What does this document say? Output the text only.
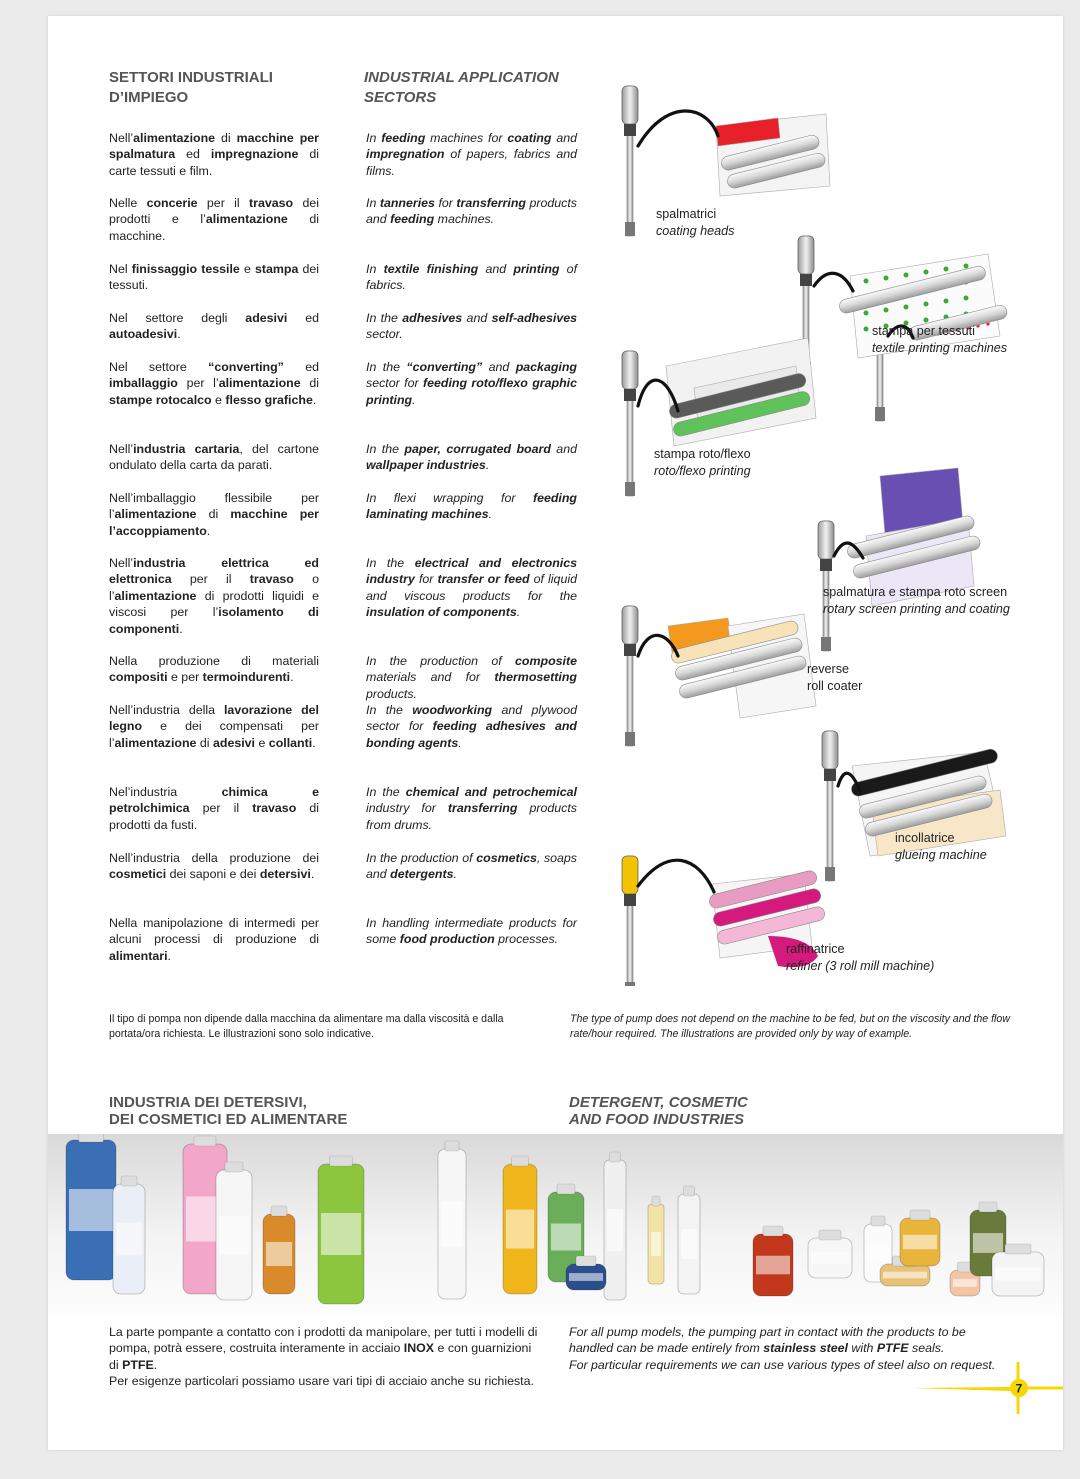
SETTORI INDUSTRIALI
D’IMPIEGO
INDUSTRIAL APPLICATION
SECTORS
Nell’alimentazione di macchine per spalmatura ed impregnazione di carte tessuti e film.
Nelle concerie per il travaso dei prodotti e l’alimentazione di macchine.
Nel finissaggio tessile e stampa dei tessuti.
Nel settore degli adesivi ed autoadesivi.
Nel settore “converting” ed imballaggio per l’alimentazione di stampe rotocalco e flesso grafiche.
Nell’industria cartaria, del cartone ondulato della carta da parati.
Nell’imballaggio flessibile per l’alimentazione di macchine per l’accoppiamento.
Nell’industria elettrica ed elettronica per il travaso o l’alimentazione di prodotti liquidi e viscosi per l’isolamento di componenti.
Nella produzione di materiali compositi e per termoindurenti.
Nell’industria della lavorazione del legno e dei compensati per l’alimentazione di adesivi e collanti.
Nel’industria chimica e petrolchimica per il travaso di prodotti da fusti.
Nell’industria della produzione dei cosmetici dei saponi e dei detersivi.
Nella manipolazione di intermedi per alcuni processi di produzione di alimentari.
In feeding machines for coating and impregnation of papers, fabrics and films.
In tanneries for transferring products and feeding machines.
In textile finishing and printing of fabrics.
In the adhesives and self-adhesives sector.
In the “converting” and packaging sector for feeding roto/flexo graphic printing.
In the paper, corrugated board and wallpaper industries.
In flexi wrapping for feeding laminating machines.
In the electrical and electronics industry for transfer or feed of liquid and viscous products for the insulation of components.
In the production of composite materials and for thermosetting products.
In the woodworking and plywood sector for feeding adhesives and bonding agents.
In the chemical and petrochemical industry for transferring products from drums.
In the production of cosmetics, soaps and detergents.
In handling intermediate products for some food production processes.
spalmatrici
coating heads
stampa per tessuti
textile printing machines
stampa roto/flexo
roto/flexo printing
spalmatura e stampa roto screen
rotary screen printing and coating
reverse
roll coater
incollatrice
glueing machine
raffinatrice
refiner (3 roll mill machine)
Il tipo di pompa non dipende dalla macchina da alimentare ma dalla viscosità e dalla portata/ora richiesta. Le illustrazioni sono solo indicative.
The type of pump does not depend on the machine to be fed, but on the viscosity and the flow rate/hour required. The illustrations are provided only by way of example.
INDUSTRIA DEI DETERSIVI,
DEI COSMETICI ED ALIMENTARE
DETERGENT, COSMETIC
AND FOOD INDUSTRIES
La parte pompante a contatto con i prodotti da manipolare, per tutti i modelli di pompa, potrà essere, costruita interamente in acciaio INOX e con guarnizioni di PTFE.
Per esigenze particolari possiamo usare vari tipi di acciaio anche su richiesta.
For all pump models, the pumping part in contact with the products to be handled can be made entirely from stainless steel with PTFE seals.
For particular requirements we can use various types of steel also on request.
7
